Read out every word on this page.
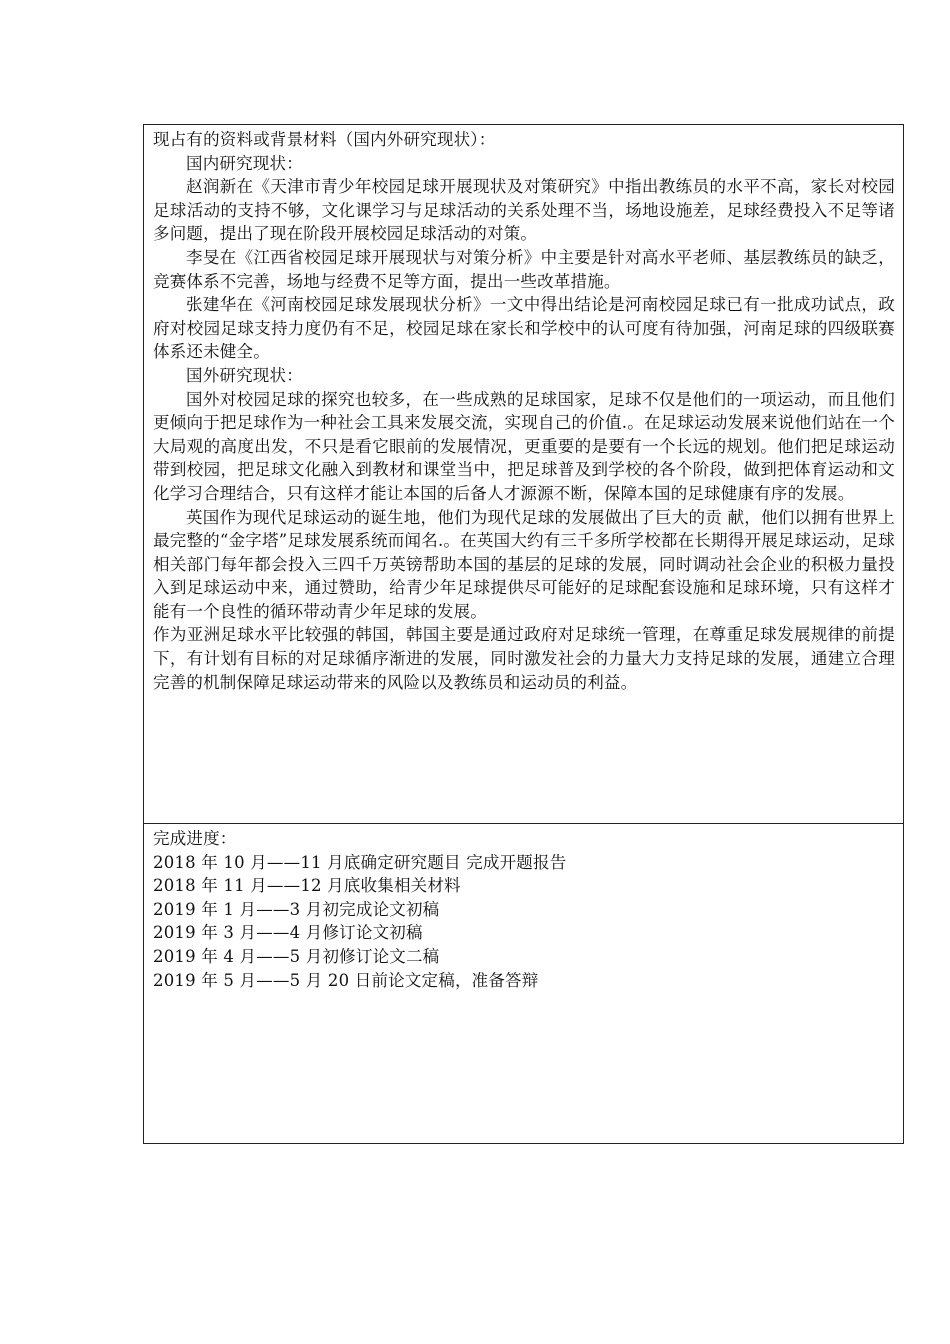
现占有的资料或背景材料（国内外研究现状）：

国内研究现状：

赵润新在《天津市青少年校园足球开展现状及对策研究》中指出教练员的水平不高，家长对校园足球活动的支持不够，文化课学习与足球活动的关系处理不当，场地设施差，足球经费投入不足等诸多问题，提出了现在阶段开展校园足球活动的对策。

李旻在《江西省校园足球开展现状与对策分析》中主要是针对高水平老师、基层教练员的缺乏，竞赛体系不完善，场地与经费不足等方面，提出一些改革措施。

张建华在《河南校园足球发展现状分析》一文中得出结论是河南校园足球已有一批成功试点，政府对校园足球支持力度仍有不足，校园足球在家长和学校中的认可度有待加强，河南足球的四级联赛体系还未健全。

国外研究现状：

国外对校园足球的探究也较多，在一些成熟的足球国家，足球不仅是他们的一项运动，而且他们更倾向于把足球作为一种社会工具来发展交流，实现自己的价值.。在足球运动发展来说他们站在一个大局观的高度出发，不只是看它眼前的发展情况，更重要的是要有一个长远的规划。他们把足球运动带到校园，把足球文化融入到教材和课堂当中，把足球普及到学校的各个阶段，做到把体育运动和文化学习合理结合，只有这样才能让本国的后备人才源源不断，保障本国的足球健康有序的发展。

英国作为现代足球运动的诞生地，他们为现代足球的发展做出了巨大的贡 献，他们以拥有世界上最完整的“金字塔”足球发展系统而闻名.。在英国大约有三千多所学校都在长期得开展足球运动，足球相关部门每年都会投入三四千万英镑帮助本国的基层的足球的发展，同时调动社会企业的积极力量投入到足球运动中来，通过赞助，给青少年足球提供尽可能好的足球配套设施和足球环境，只有这样才能有一个良性的循环带动青少年足球的发展。

作为亚洲足球水平比较强的韩国，韩国主要是通过政府对足球统一管理，在尊重足球发展规律的前提下，有计划有目标的对足球循序渐进的发展，同时激发社会的力量大力支持足球的发展，通建立合理完善的机制保障足球运动带来的风险以及教练员和运动员的利益。

完成进度：

2018 年 10 月——11 月底确定研究题目 完成开题报告

2018 年 11 月——12 月底收集相关材料

2019 年 1 月——3 月初完成论文初稿

2019 年 3 月——4 月修订论文初稿

2019 年 4 月——5 月初修订论文二稿

2019 年 5 月——5 月 20 日前论文定稿，准备答辩
